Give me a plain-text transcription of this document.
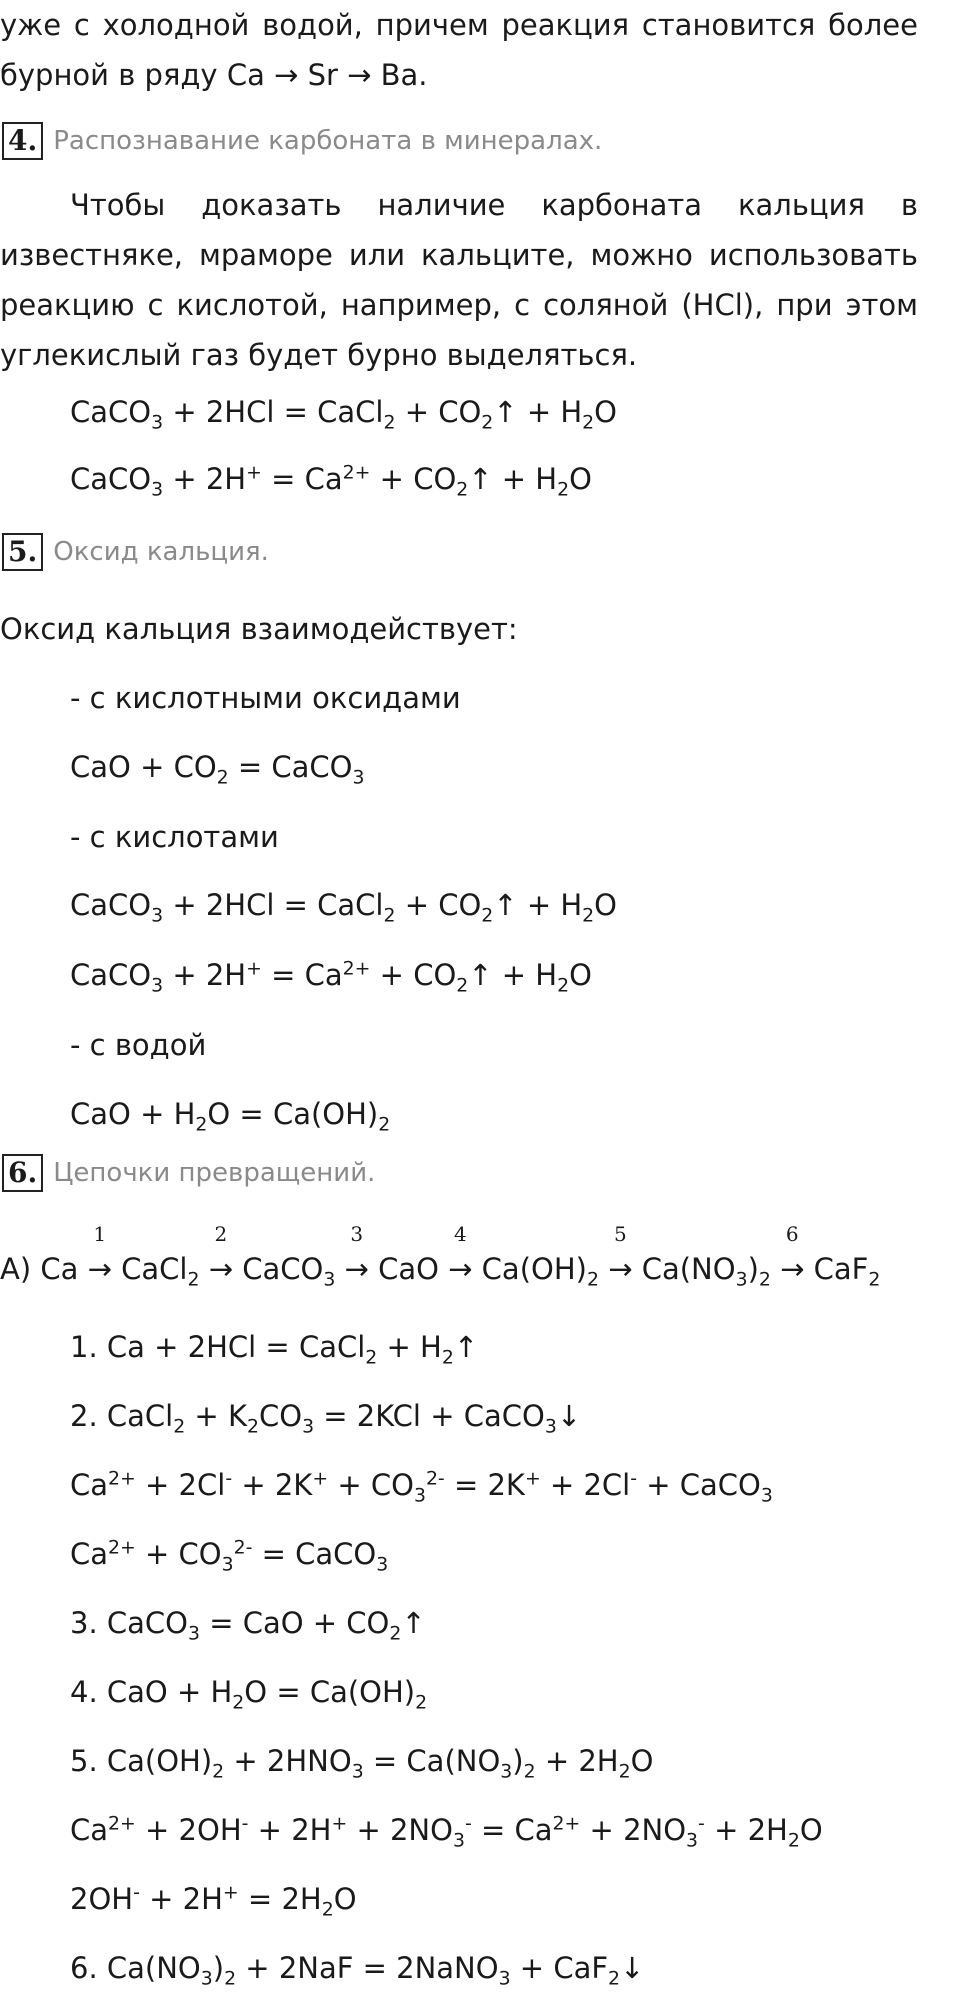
уже с холодной водой, причем реакция становится более
бурной в ряду Ca → Sr → Ba.
4. Распознавание карбоната в минералах.
Чтобы доказать наличие карбоната кальция в
известняке, мраморе или кальците, можно использовать
реакцию с кислотой, например, с соляной (HCl), при этом
углекислый газ будет бурно выделяться.
CaCO$_3$ + 2HCl = CaCl$_2$ + $CO_2↑ + H_2O$
CaCO$_3$ + $2H^+ = Ca^{2+}$ + $CO_2↑ + H_2O$
5. Оксид кальция.
Оксид кальция взаимодействует:
- с кислотными оксидами
CaO + $CO_2$ = CaCO$_3$
- с кислотами
CaCO$_3$ + 2HCl = CaCl$_2$ + $CO_2↑ + H_2O$
CaCO$_3$ + $2H^+ = Ca^{2+}$ + $CO_2↑ + H_2O$
- с водой
CaO + $H_2O = Ca(OH)_2$
6. Цепочки превращений.
А) Ca →
1
CaCl$_2$ →
2
CaCO$_3$ →
3
CaO →
4
$Ca(OH)_2$ →
5
$Ca(NO_3)_2$ →
6
CaF$_2$
1. Ca + 2HCl = CaCl$_2$ + $H_2↑$
2. CaCl$_2$ + $K_2CO_3 = 2KCl$ + CaCO$_3$↓
$Ca^{2+} + 2Cl^- + 2K^+ + CO_3^{2-} = 2K^+ + 2Cl^-$ + CaCO$_3$
$Ca^{2+} + CO_3^{2-}$ = CaCO$_3$
3. CaCO$_3$ = CaO + $CO_2↑$
4. CaO + $H_2O = Ca(OH)_2$
5. $Ca(OH)_2 + 2HNO_3 = Ca(NO_3)_2 + 2H_2O$
$Ca^{2+} + 2OH^- + 2H^+ + 2NO_3^- = Ca^{2+} + 2NO_3^- + 2H_2O$
$2OH^- + 2H^+ = 2H_2O$
6. $Ca(NO_3)_2 + 2NaF$ = 2NaNO$_3$ + CaF$_2$↓
